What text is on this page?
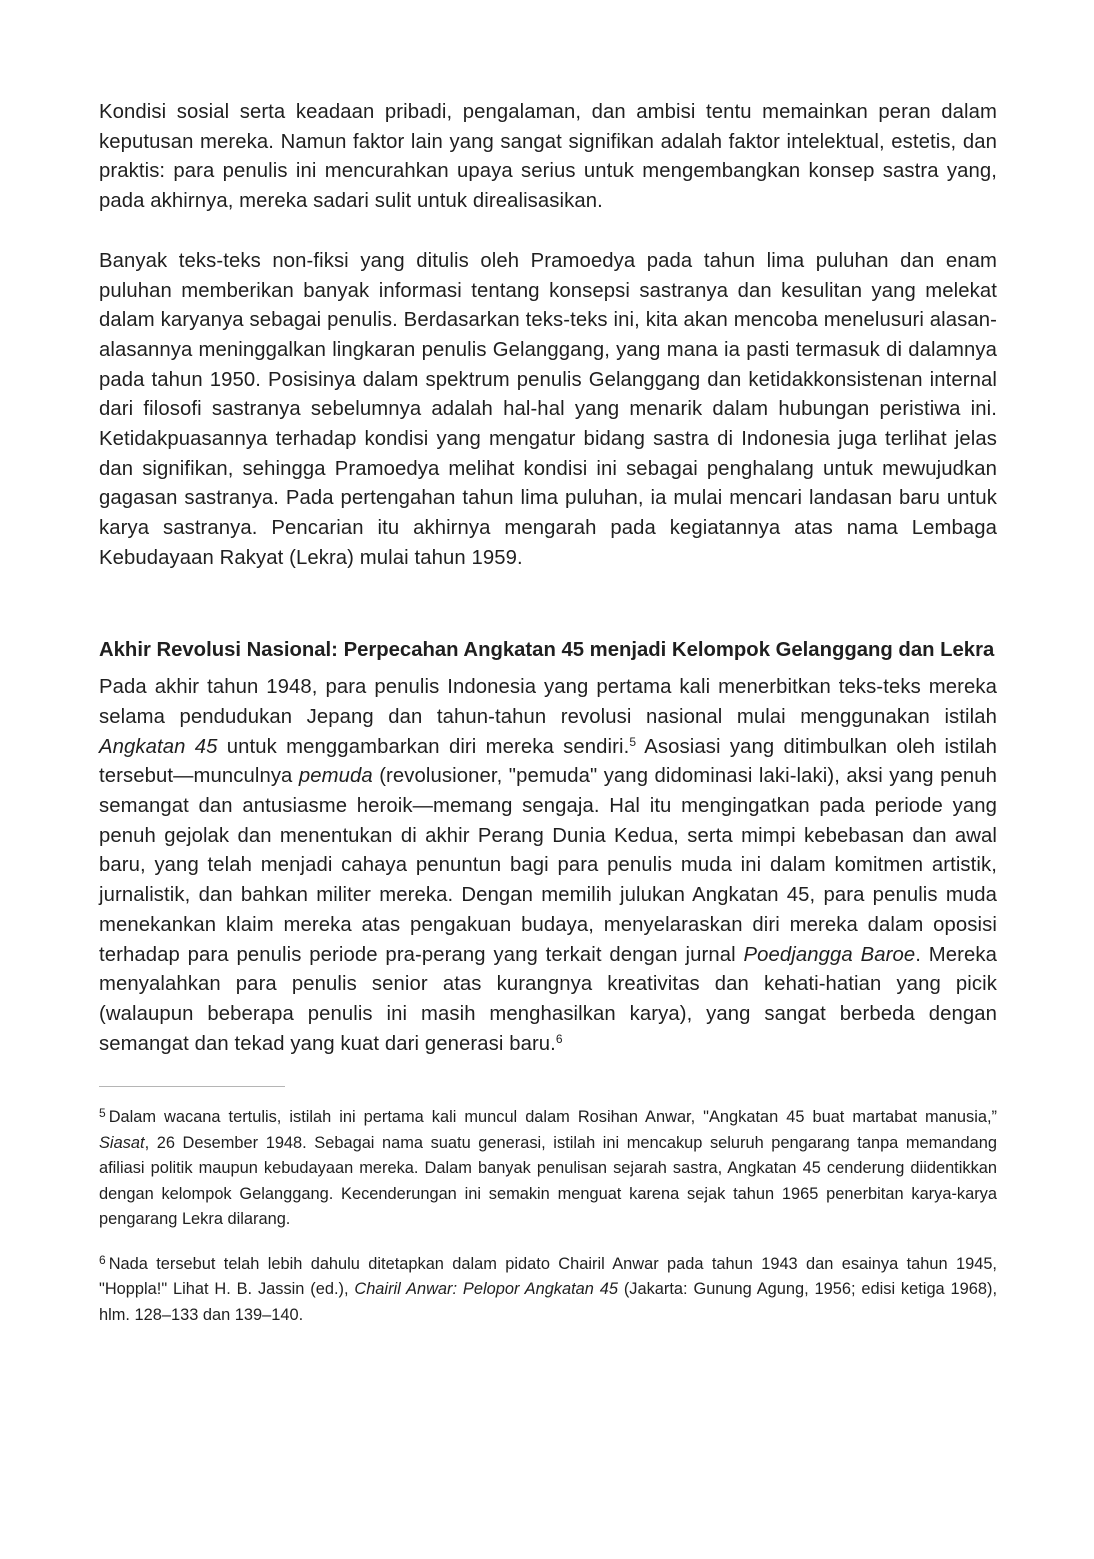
Kondisi sosial serta keadaan pribadi, pengalaman, dan ambisi tentu memainkan peran dalam keputusan mereka. Namun faktor lain yang sangat signifikan adalah faktor intelektual, estetis, dan praktis: para penulis ini mencurahkan upaya serius untuk mengembangkan konsep sastra yang, pada akhirnya, mereka sadari sulit untuk direalisasikan.

Banyak teks-teks non-fiksi yang ditulis oleh Pramoedya pada tahun lima puluhan dan enam puluhan memberikan banyak informasi tentang konsepsi sastranya dan kesulitan yang melekat dalam karyanya sebagai penulis. Berdasarkan teks-teks ini, kita akan mencoba menelusuri alasan-alasannya meninggalkan lingkaran penulis Gelanggang, yang mana ia pasti termasuk di dalamnya pada tahun 1950. Posisinya dalam spektrum penulis Gelanggang dan ketidakkonsistenan internal dari filosofi sastranya sebelumnya adalah hal-hal yang menarik dalam hubungan peristiwa ini. Ketidakpuasannya terhadap kondisi yang mengatur bidang sastra di Indonesia juga terlihat jelas dan signifikan, sehingga Pramoedya melihat kondisi ini sebagai penghalang untuk mewujudkan gagasan sastranya. Pada pertengahan tahun lima puluhan, ia mulai mencari landasan baru untuk karya sastranya. Pencarian itu akhirnya mengarah pada kegiatannya atas nama Lembaga Kebudayaan Rakyat (Lekra) mulai tahun 1959.

Akhir Revolusi Nasional: Perpecahan Angkatan 45 menjadi Kelompok Gelanggang dan Lekra

Pada akhir tahun 1948, para penulis Indonesia yang pertama kali menerbitkan teks-teks mereka selama pendudukan Jepang dan tahun-tahun revolusi nasional mulai menggunakan istilah Angkatan 45 untuk menggambarkan diri mereka sendiri.$^5$ Asosiasi yang ditimbulkan oleh istilah tersebut—munculnya pemuda (revolusioner, "pemuda" yang didominasi laki-laki), aksi yang penuh semangat dan antusiasme heroik—memang sengaja. Hal itu mengingatkan pada periode yang penuh gejolak dan menentukan di akhir Perang Dunia Kedua, serta mimpi kebebasan dan awal baru, yang telah menjadi cahaya penuntun bagi para penulis muda ini dalam komitmen artistik, jurnalistik, dan bahkan militer mereka. Dengan memilih julukan Angkatan 45, para penulis muda menekankan klaim mereka atas pengakuan budaya, menyelaraskan diri mereka dalam oposisi terhadap para penulis periode pra-perang yang terkait dengan jurnal Poedjangga Baroe. Mereka menyalahkan para penulis senior atas kurangnya kreativitas dan kehati-hatian yang picik (walaupun beberapa penulis ini masih menghasilkan karya), yang sangat berbeda dengan semangat dan tekad yang kuat dari generasi baru.$^6$

$^5$ Dalam wacana tertulis, istilah ini pertama kali muncul dalam Rosihan Anwar, "Angkatan 45 buat martabat manusia,” Siasat, 26 Desember 1948. Sebagai nama suatu generasi, istilah ini mencakup seluruh pengarang tanpa memandang afiliasi politik maupun kebudayaan mereka. Dalam banyak penulisan sejarah sastra, Angkatan 45 cenderung diidentikkan dengan kelompok Gelanggang. Kecenderungan ini semakin menguat karena sejak tahun 1965 penerbitan karya-karya pengarang Lekra dilarang.

$^6$ Nada tersebut telah lebih dahulu ditetapkan dalam pidato Chairil Anwar pada tahun 1943 dan esainya tahun 1945, "Hoppla!" Lihat H. B. Jassin (ed.), Chairil Anwar: Pelopor Angkatan 45 (Jakarta: Gunung Agung, 1956; edisi ketiga 1968), hlm. 128–133 dan 139–140.
